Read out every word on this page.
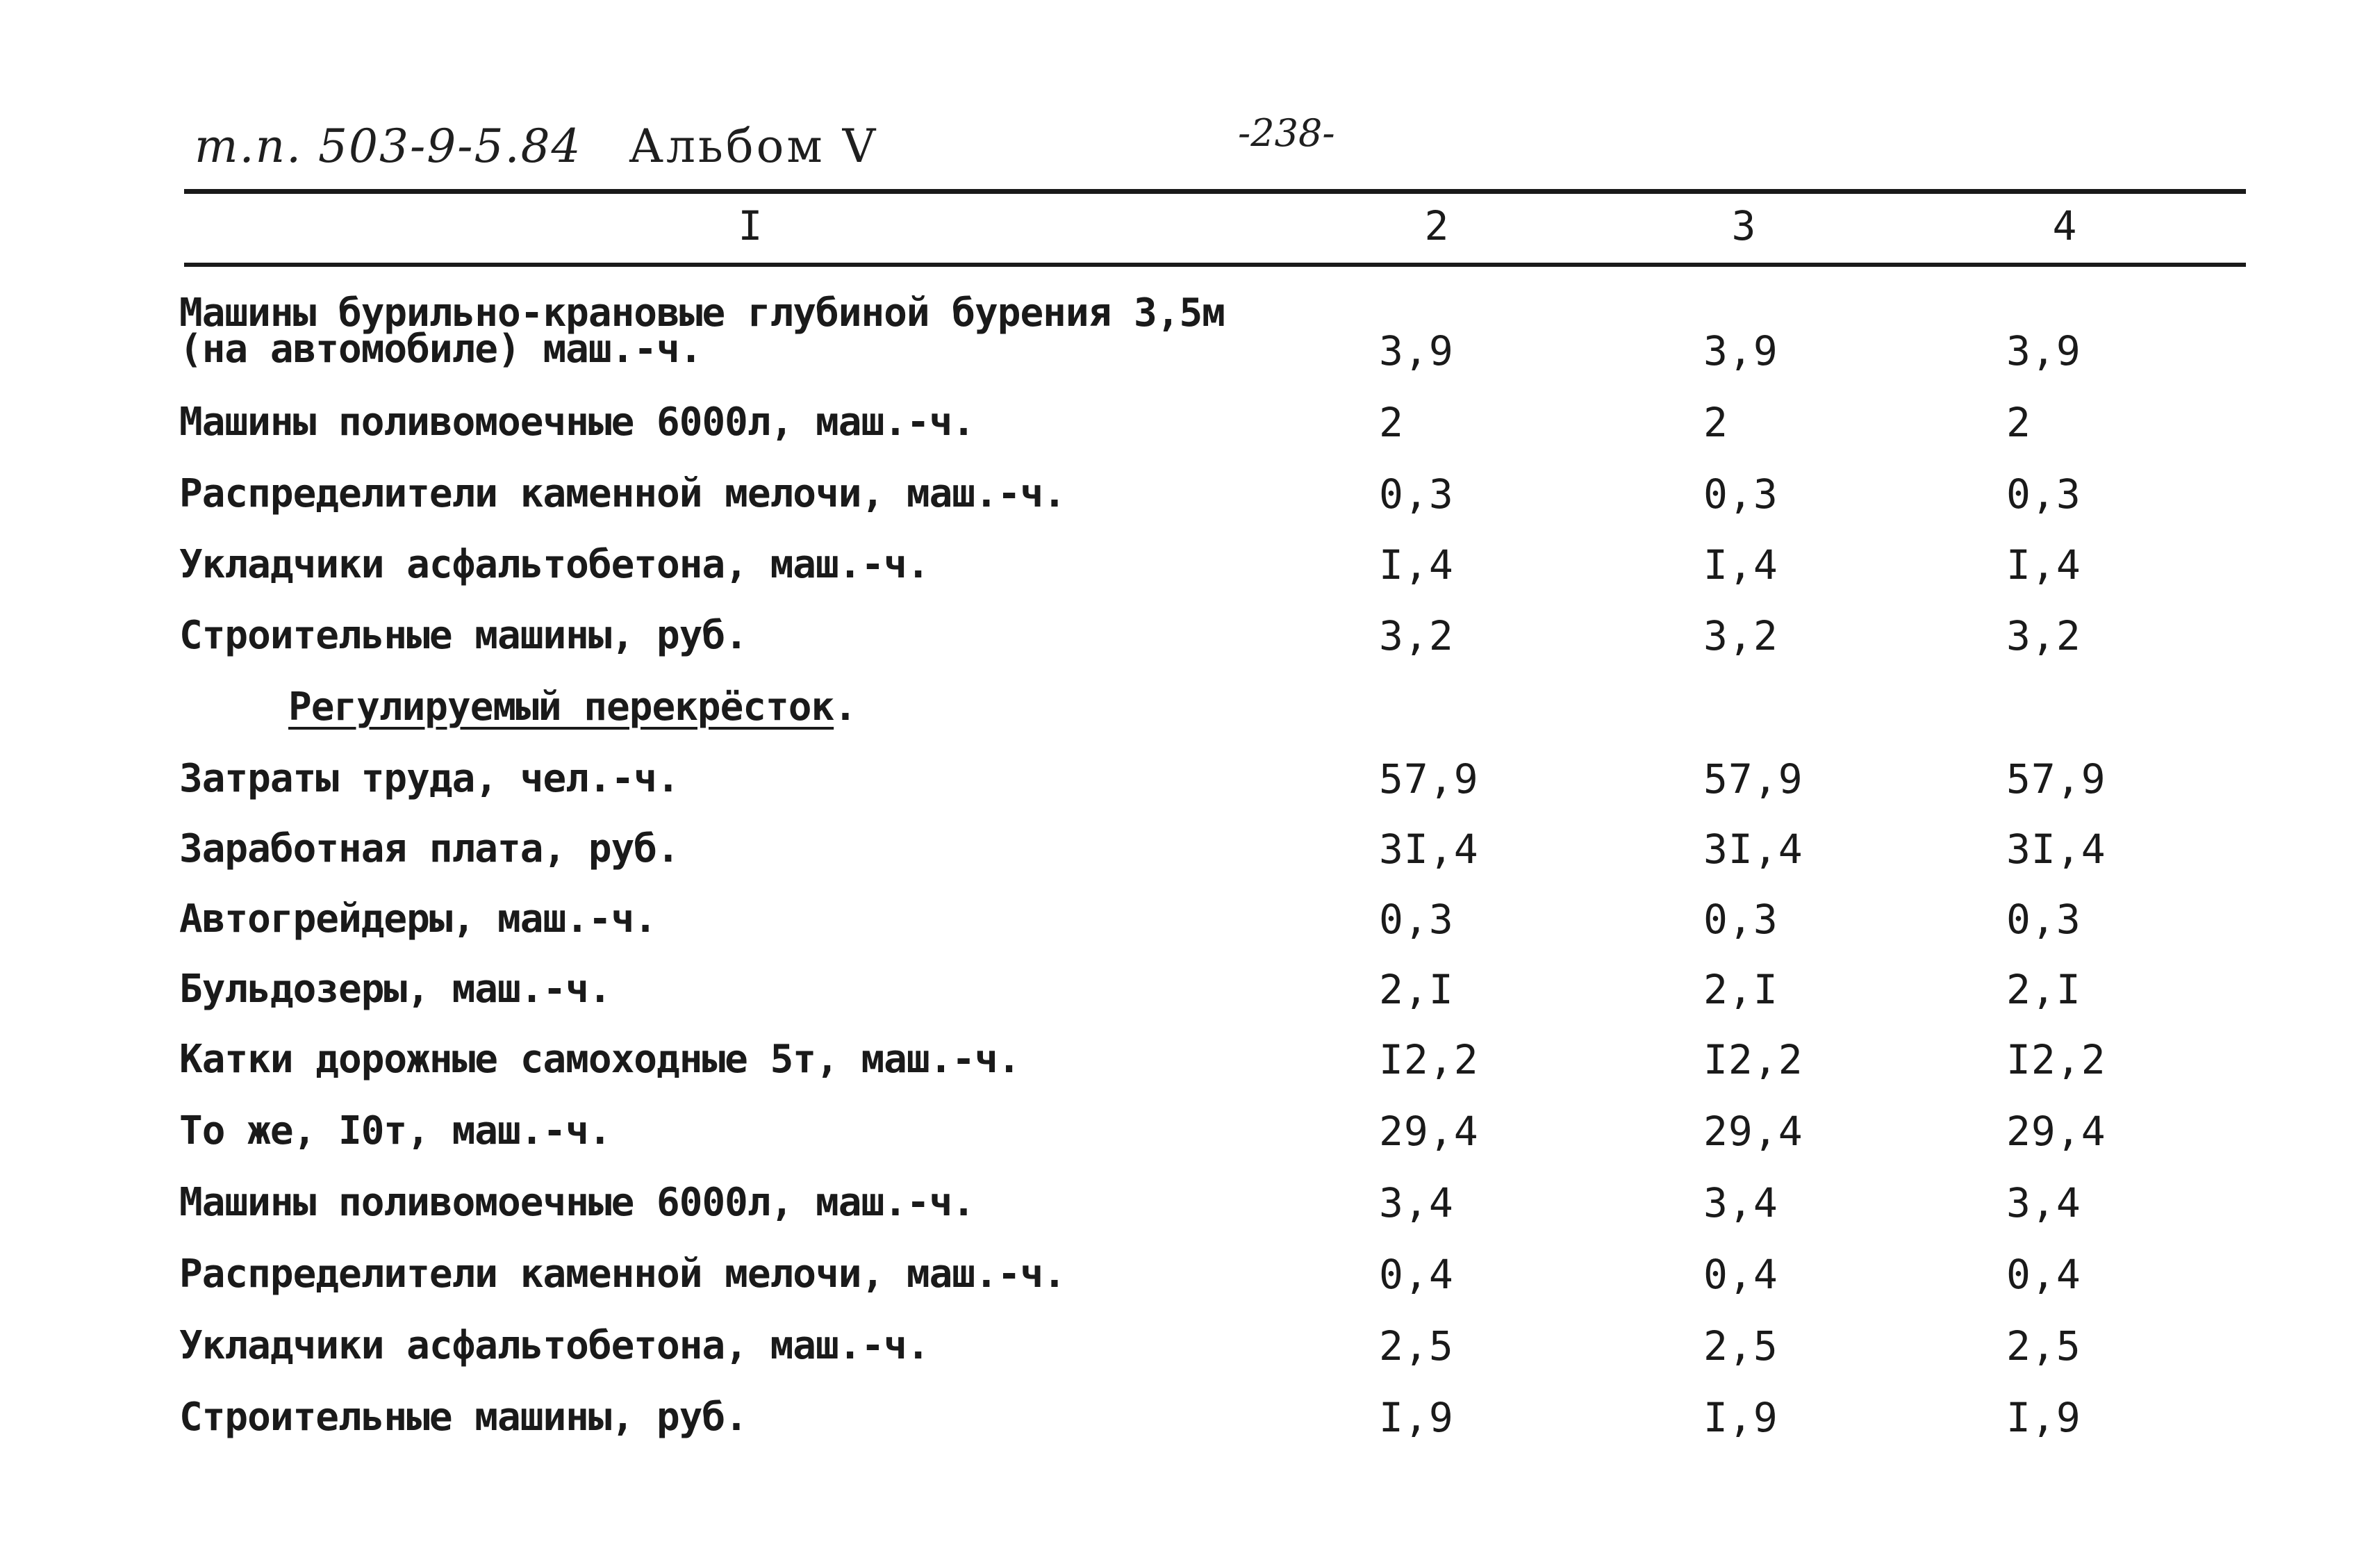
т.п. 503-9-5.84 Альбом V	-238-
I	2	3	4
Машины бурильно-крановые глубиной бурения 3,5м
(на автомобиле) маш.-ч.	3,9	3,9	3,9
Машины поливомоечные 6000л, маш.-ч.	2	2	2
Распределители каменной мелочи, маш.-ч.	0,3	0,3	0,3
Укладчики асфальтобетона, маш.-ч.	I,4	I,4	I,4
Строительные машины, руб.	3,2	3,2	3,2
Регулируемый перекрёсток.
Затраты труда, чел.-ч.	57,9	57,9	57,9
Заработная плата, руб.	3I,4	3I,4	3I,4
Автогрейдеры, маш.-ч.	0,3	0,3	0,3
Бульдозеры, маш.-ч.	2,I	2,I	2,I
Катки дорожные самоходные 5т, маш.-ч.	I2,2	I2,2	I2,2
То же, I0т, маш.-ч.	29,4	29,4	29,4
Машины поливомоечные 6000л, маш.-ч.	3,4	3,4	3,4
Распределители каменной мелочи, маш.-ч.	0,4	0,4	0,4
Укладчики асфальтобетона, маш.-ч.	2,5	2,5	2,5
Строительные машины, руб.	I,9	I,9	I,9
